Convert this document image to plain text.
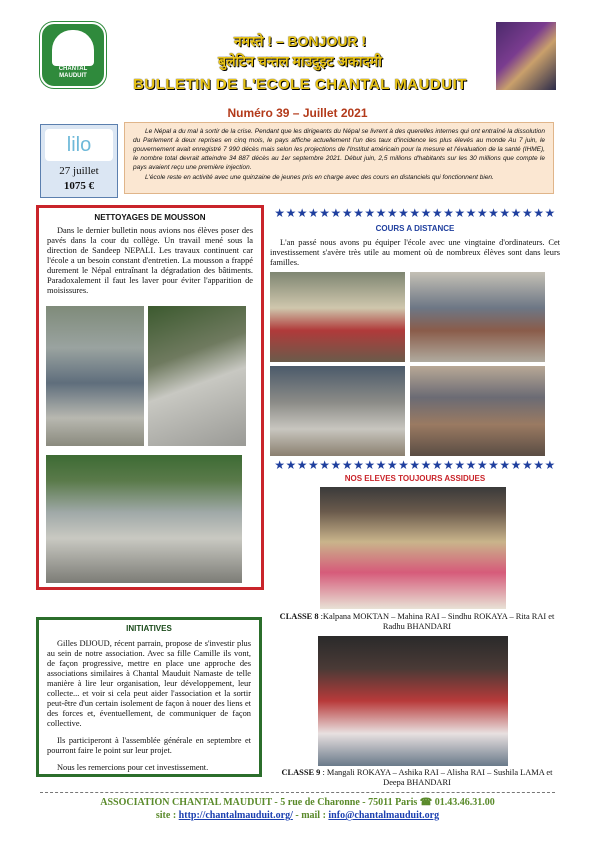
ASSOCIATION
CHANTAL
MAUDUIT
नमस्ते ! – BONJOUR !
बुलेटिन चन्तल माउदुइट अकादमी
BULLETIN DE L'ECOLE CHANTAL MAUDUIT
Numéro 39 – Juillet 2021
lilo
27 juillet
1075 €

Le Népal a du mal à sortir de la crise. Pendant que les dirigeants du Népal se livrent à des querelles internes qui ont entraîné la dissolution du Parlement à deux reprises en cinq mois, le pays affiche actuellement l'un des taux d'incidence les plus élevés au monde Au 7 juin, le gouvernement avait enregistré 7 990 décès mais selon les projections de l'Institut américain pour la mesure et l'évaluation de la santé (IHME), le nombre total devrait atteindre 34 887 décès au 1er septembre 2021. Début juin, 2,5 millions d'habitants sur les 30 millions que compte le pays avaient reçu une première injection.

L'école reste en activité avec une quinzaine de jeunes pris en charge avec des cours en distanciels qui fonctionnent bien.

NETTOYAGES DE MOUSSON
Dans le dernier bulletin nous avions nos élèves poser des pavés dans la cour du collège. Un travail mené sous la direction de Sandeep NEPALI. Les travaux continuent car l'école a un besoin constant d'entretien. La mousson a frappé durement le Népal entraînant la dégradation des bâtiments. Paradoxalement il faut les laver pour éviter l'apparition de moisissures.
INITIATIVES
Gilles DIJOUD, récent parrain, propose de s'investir plus au sein de notre association. Avec sa fille Camille ils vont, de façon progressive, mettre en place une approche des associations similaires à Chantal Mauduit Namaste de telle manière à lire leur organisation, leur développement, leur collecte... et voir si cela peut aider l'association et la sortir peut-être d'un certain isolement de façon à nouer des liens et des forces et, éventuellement, de communiquer de façon collective.
Ils participeront à l'assemblée générale en septembre et pourront faire le point sur leur projet.
Nous les remercions pour cet investissement.
★★★★★★★★★★★★★★★★★★★★★★★★★
COURS A DISTANCE
L'an passé nous avons pu équiper l'école avec une vingtaine d'ordinateurs. Cet investissement s'avère très utile au moment où de nombreux élèves sont dans leurs familles.
★★★★★★★★★★★★★★★★★★★★★★★★★
NOS ELEVES TOUJOURS ASSIDUES
CLASSE 8 :Kalpana MOKTAN – Mahina RAI – Sindhu ROKAYA – Rita RAI et Radhu BHANDARI
CLASSE 9 : Mangali ROKAYA – Ashika RAI – Alisha RAI – Sushila LAMA et Deepa BHANDARI
ASSOCIATION CHANTAL MAUDUIT - 5 rue de Charonne - 75011 Paris ☎ 01.43.46.31.00
site : http://chantalmauduit.org/ - mail : info@chantalmauduit.org
